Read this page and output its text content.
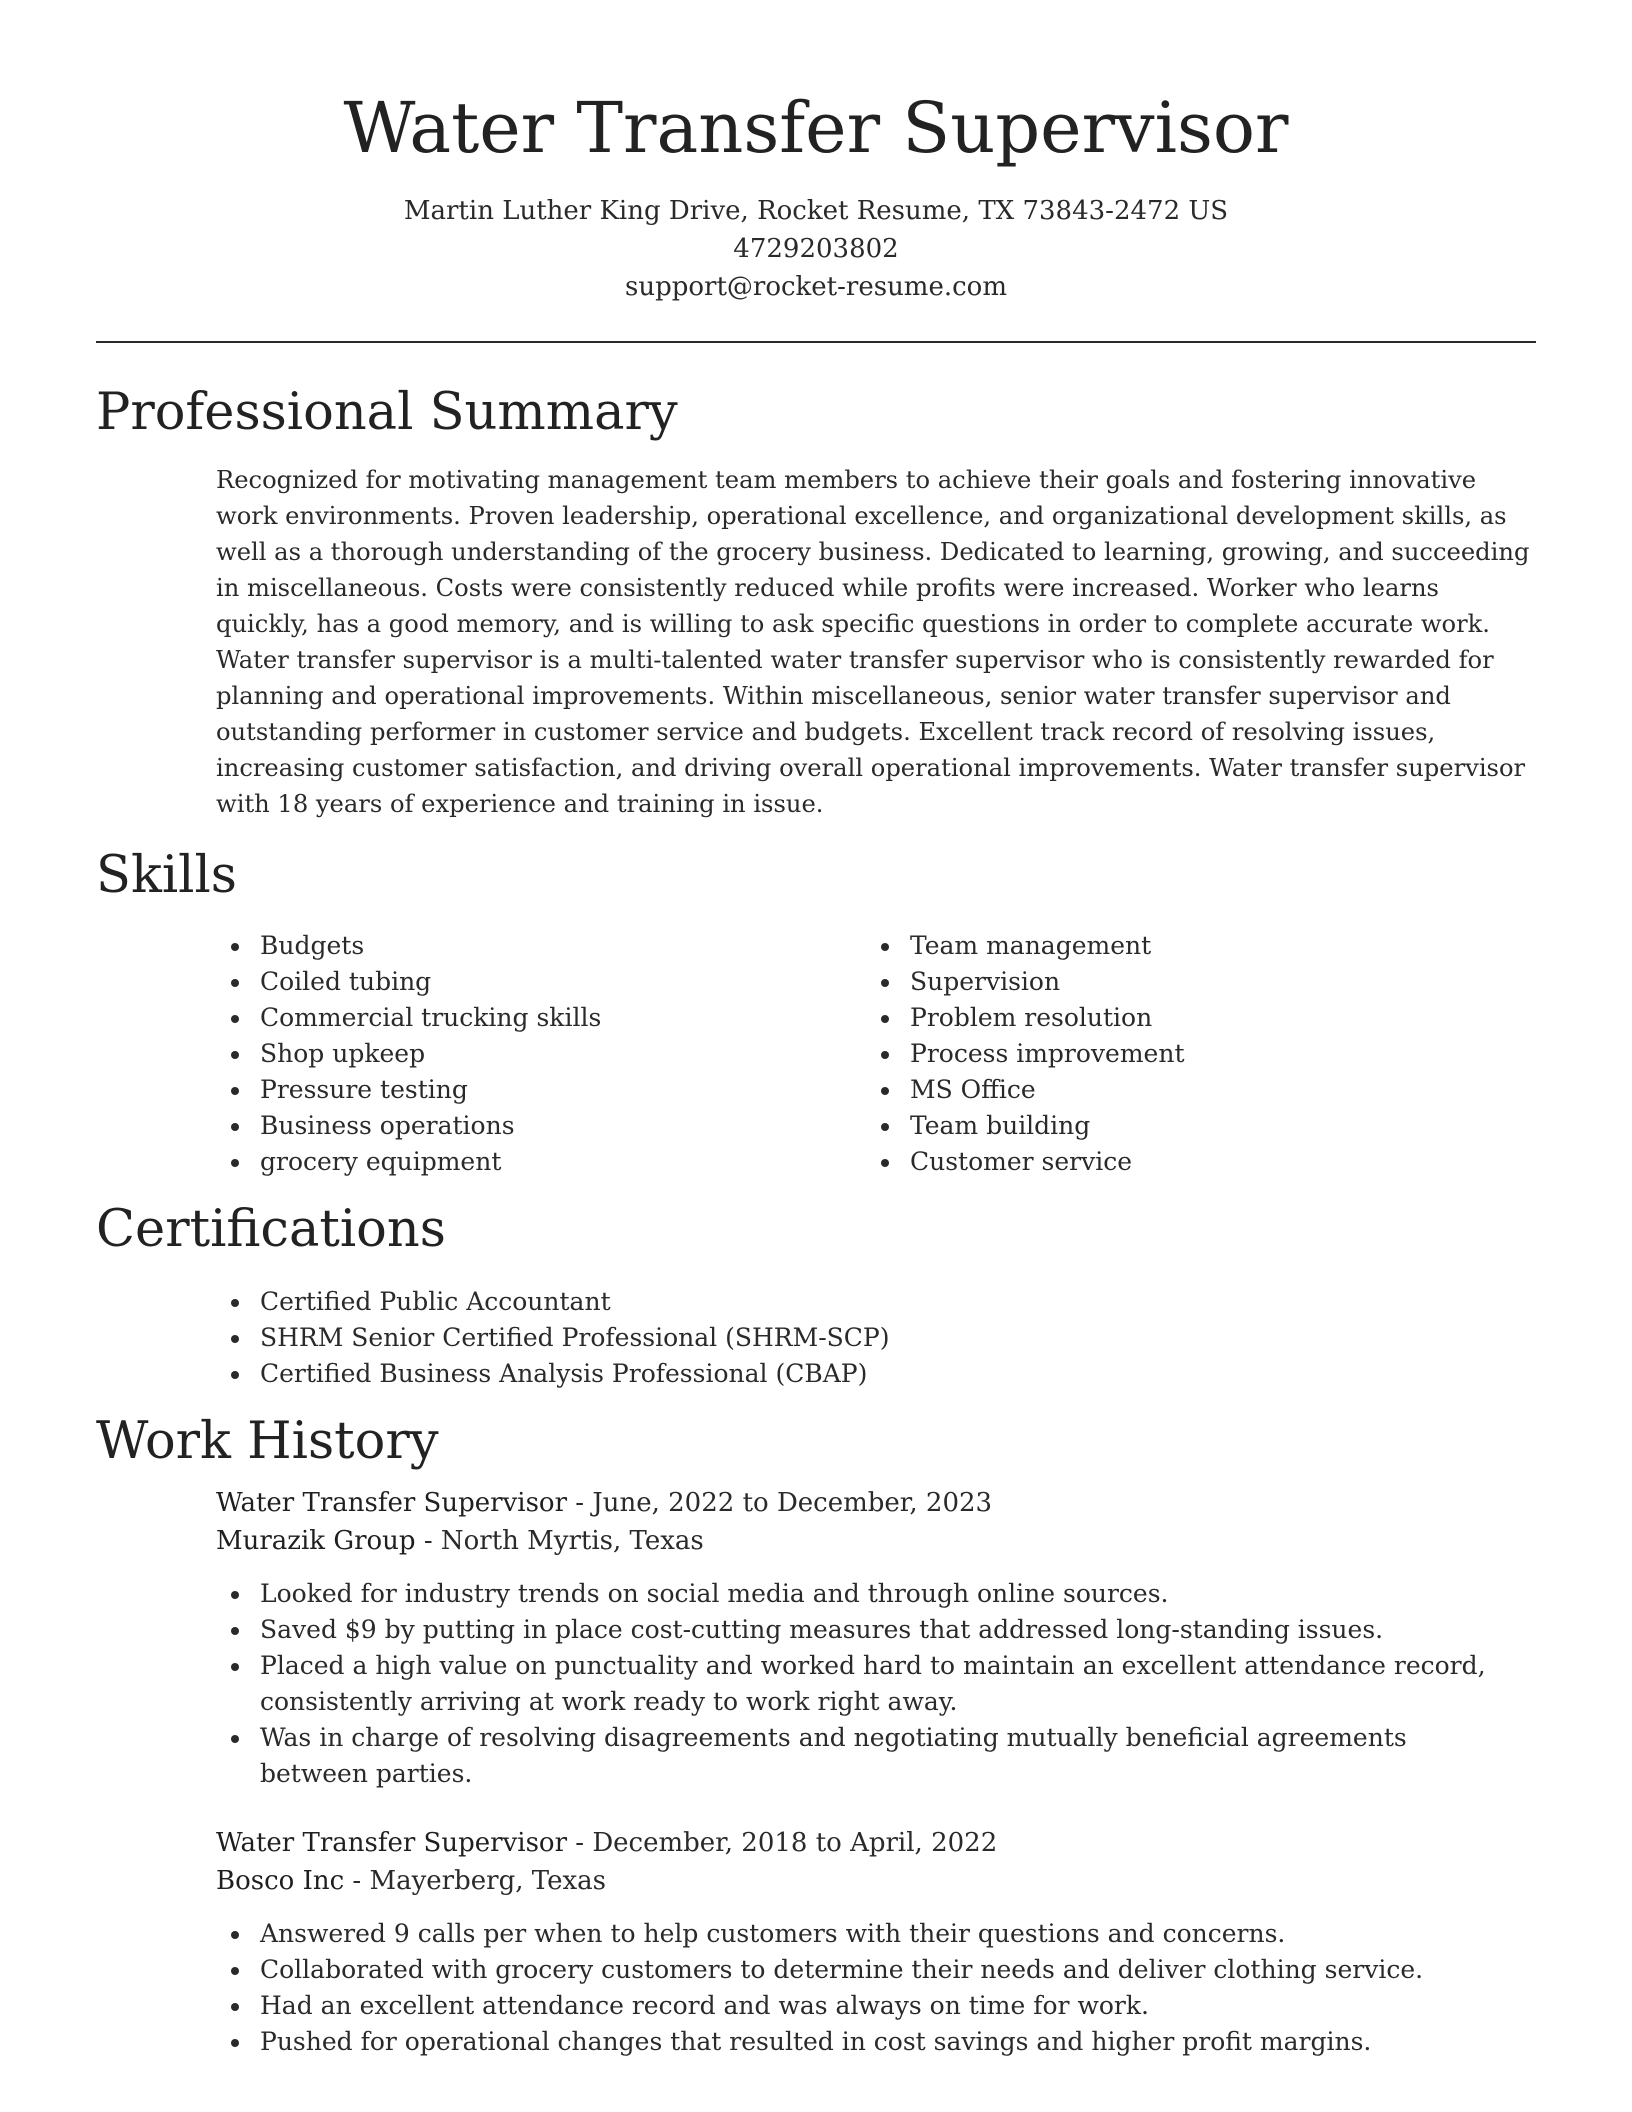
Water Transfer Supervisor
Martin Luther King Drive, Rocket Resume, TX 73843-2472 US
4729203802
support@rocket-resume.com
Professional Summary

Recognized for motivating management team members to achieve their goals and fostering innovative work environments. Proven leadership, operational excellence, and organizational development skills, as well as a thorough understanding of the grocery business. Dedicated to learning, growing, and succeeding in miscellaneous. Costs were consistently reduced while profits were increased. Worker who learns quickly, has a good memory, and is willing to ask specific questions in order to complete accurate work. Water transfer supervisor is a multi-talented water transfer supervisor who is consistently rewarded for planning and operational improvements. Within miscellaneous, senior water transfer supervisor and outstanding performer in customer service and budgets. Excellent track record of resolving issues, increasing customer satisfaction, and driving overall operational improvements. Water transfer supervisor with 18 years of experience and training in issue.

Skills
Budgets
Coiled tubing
Commercial trucking skills
Shop upkeep
Pressure testing
Business operations
grocery equipment
Team management
Supervision
Problem resolution
Process improvement
MS Office
Team building
Customer service
Certifications
Certified Public Accountant
SHRM Senior Certified Professional (SHRM-SCP)
Certified Business Analysis Professional (CBAP)
Work History
Water Transfer Supervisor - June, 2022 to December, 2023
Murazik Group - North Myrtis, Texas
Looked for industry trends on social media and through online sources.
Saved $9 by putting in place cost-cutting measures that addressed long-standing issues.
Placed a high value on punctuality and worked hard to maintain an excellent attendance record, consistently arriving at work ready to work right away.
Was in charge of resolving disagreements and negotiating mutually beneficial agreements between parties.
Water Transfer Supervisor - December, 2018 to April, 2022
Bosco Inc - Mayerberg, Texas
Answered 9 calls per when to help customers with their questions and concerns.
Collaborated with grocery customers to determine their needs and deliver clothing service.
Had an excellent attendance record and was always on time for work.
Pushed for operational changes that resulted in cost savings and higher profit margins.
